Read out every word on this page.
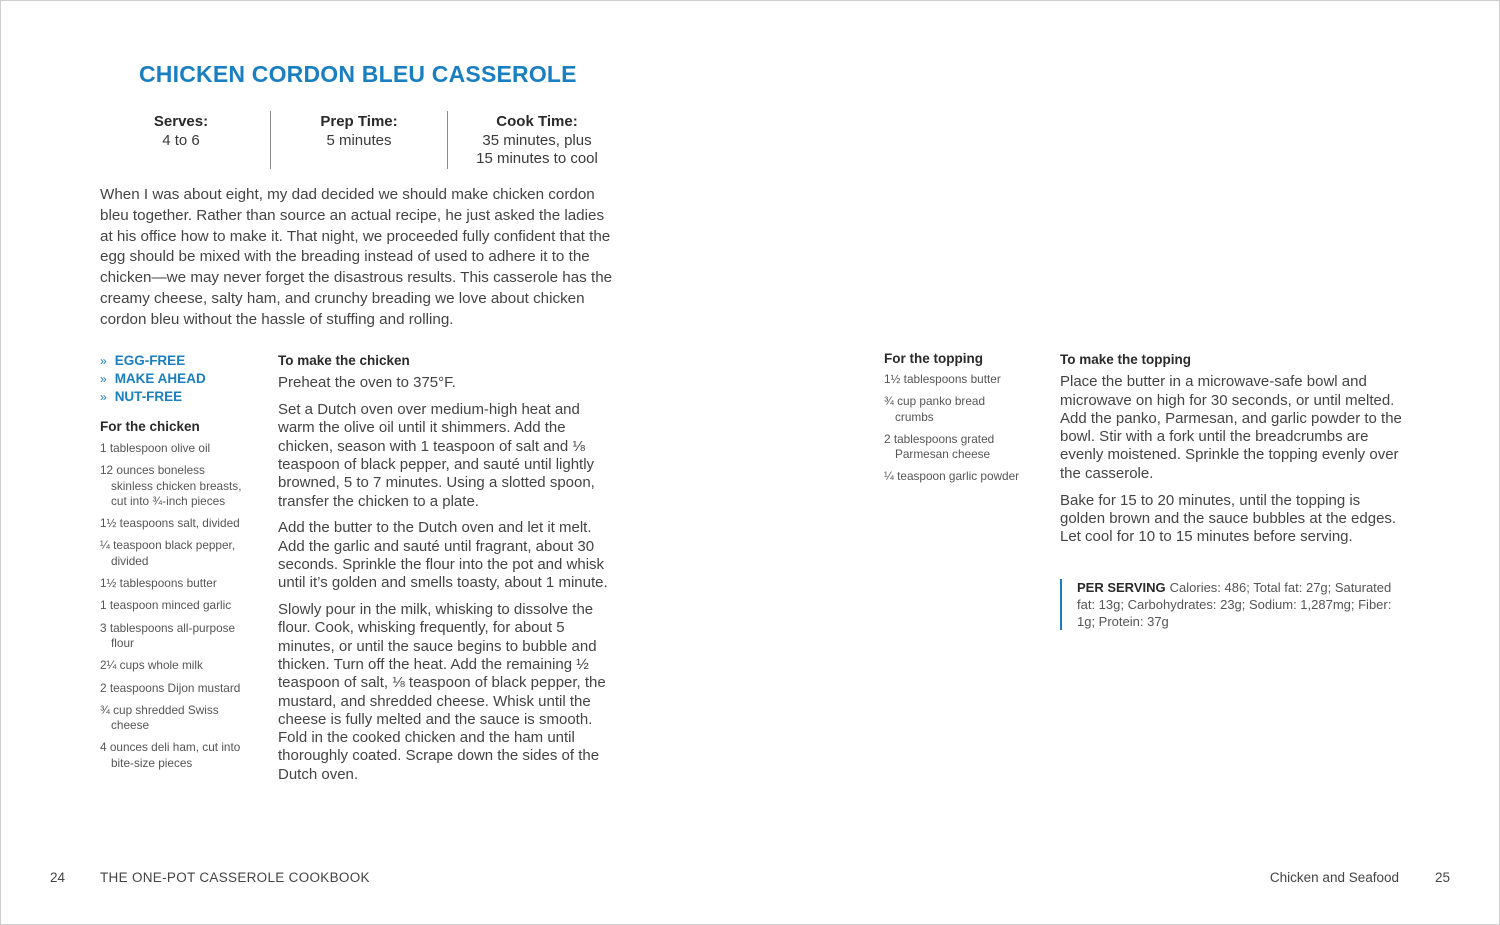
CHICKEN CORDON BLEU CASSEROLE
Serves:
4 to 6
Prep Time:
5 minutes
Cook Time:
35 minutes, plus
15 minutes to cool

When I was about eight, my dad decided we should make chicken cordon bleu together. Rather than source an actual recipe, he just asked the ladies at his office how to make it. That night, we proceeded fully confident that the egg should be mixed with the breading instead of used to adhere it to the chicken—we may never forget the disastrous results. This casserole has the creamy cheese, salty ham, and crunchy breading we love about chicken cordon bleu without the hassle of stuffing and rolling.

» EGG-FREE
» MAKE AHEAD
» NUT-FREE
For the chicken
1 tablespoon olive oil
12 ounces boneless skinless chicken breasts, cut into ¾-inch pieces
1½ teaspoons salt, divided
¼ teaspoon black pepper, divided
1½ tablespoons butter
1 teaspoon minced garlic
3 tablespoons all-purpose flour
2¼ cups whole milk
2 teaspoons Dijon mustard
¾ cup shredded Swiss cheese
4 ounces deli ham, cut into bite-size pieces
To make the chicken

Preheat the oven to 375°F.

Set a Dutch oven over medium-high heat and warm the olive oil until it shimmers. Add the chicken, season with 1 teaspoon of salt and ⅛ teaspoon of black pepper, and sauté until lightly browned, 5 to 7 minutes. Using a slotted spoon, transfer the chicken to a plate.

Add the butter to the Dutch oven and let it melt. Add the garlic and sauté until fragrant, about 30 seconds. Sprinkle the flour into the pot and whisk until it’s golden and smells toasty, about 1 minute.

Slowly pour in the milk, whisking to dissolve the flour. Cook, whisking frequently, for about 5 minutes, or until the sauce begins to bubble and thicken. Turn off the heat. Add the remaining ½ teaspoon of salt, ⅛ teaspoon of black pepper, the mustard, and shredded cheese. Whisk until the cheese is fully melted and the sauce is smooth. Fold in the cooked chicken and the ham until thoroughly coated. Scrape down the sides of the Dutch oven.

For the topping
1½ tablespoons butter
¾ cup panko bread crumbs
2 tablespoons grated Parmesan cheese
¼ teaspoon garlic powder
To make the topping

Place the butter in a microwave-safe bowl and microwave on high for 30 seconds, or until melted. Add the panko, Parmesan, and garlic powder to the bowl. Stir with a fork until the breadcrumbs are evenly moistened. Sprinkle the topping evenly over the casserole.

Bake for 15 to 20 minutes, until the topping is golden brown and the sauce bubbles at the edges. Let cool for 10 to 15 minutes before serving.

PER SERVING Calories: 486; Total fat: 27g; Saturated fat: 13g; Carbohydrates: 23g; Sodium: 1,287mg; Fiber: 1g; Protein: 37g
24	THE ONE-POT CASSEROLE COOKBOOK	Chicken and Seafood	25
